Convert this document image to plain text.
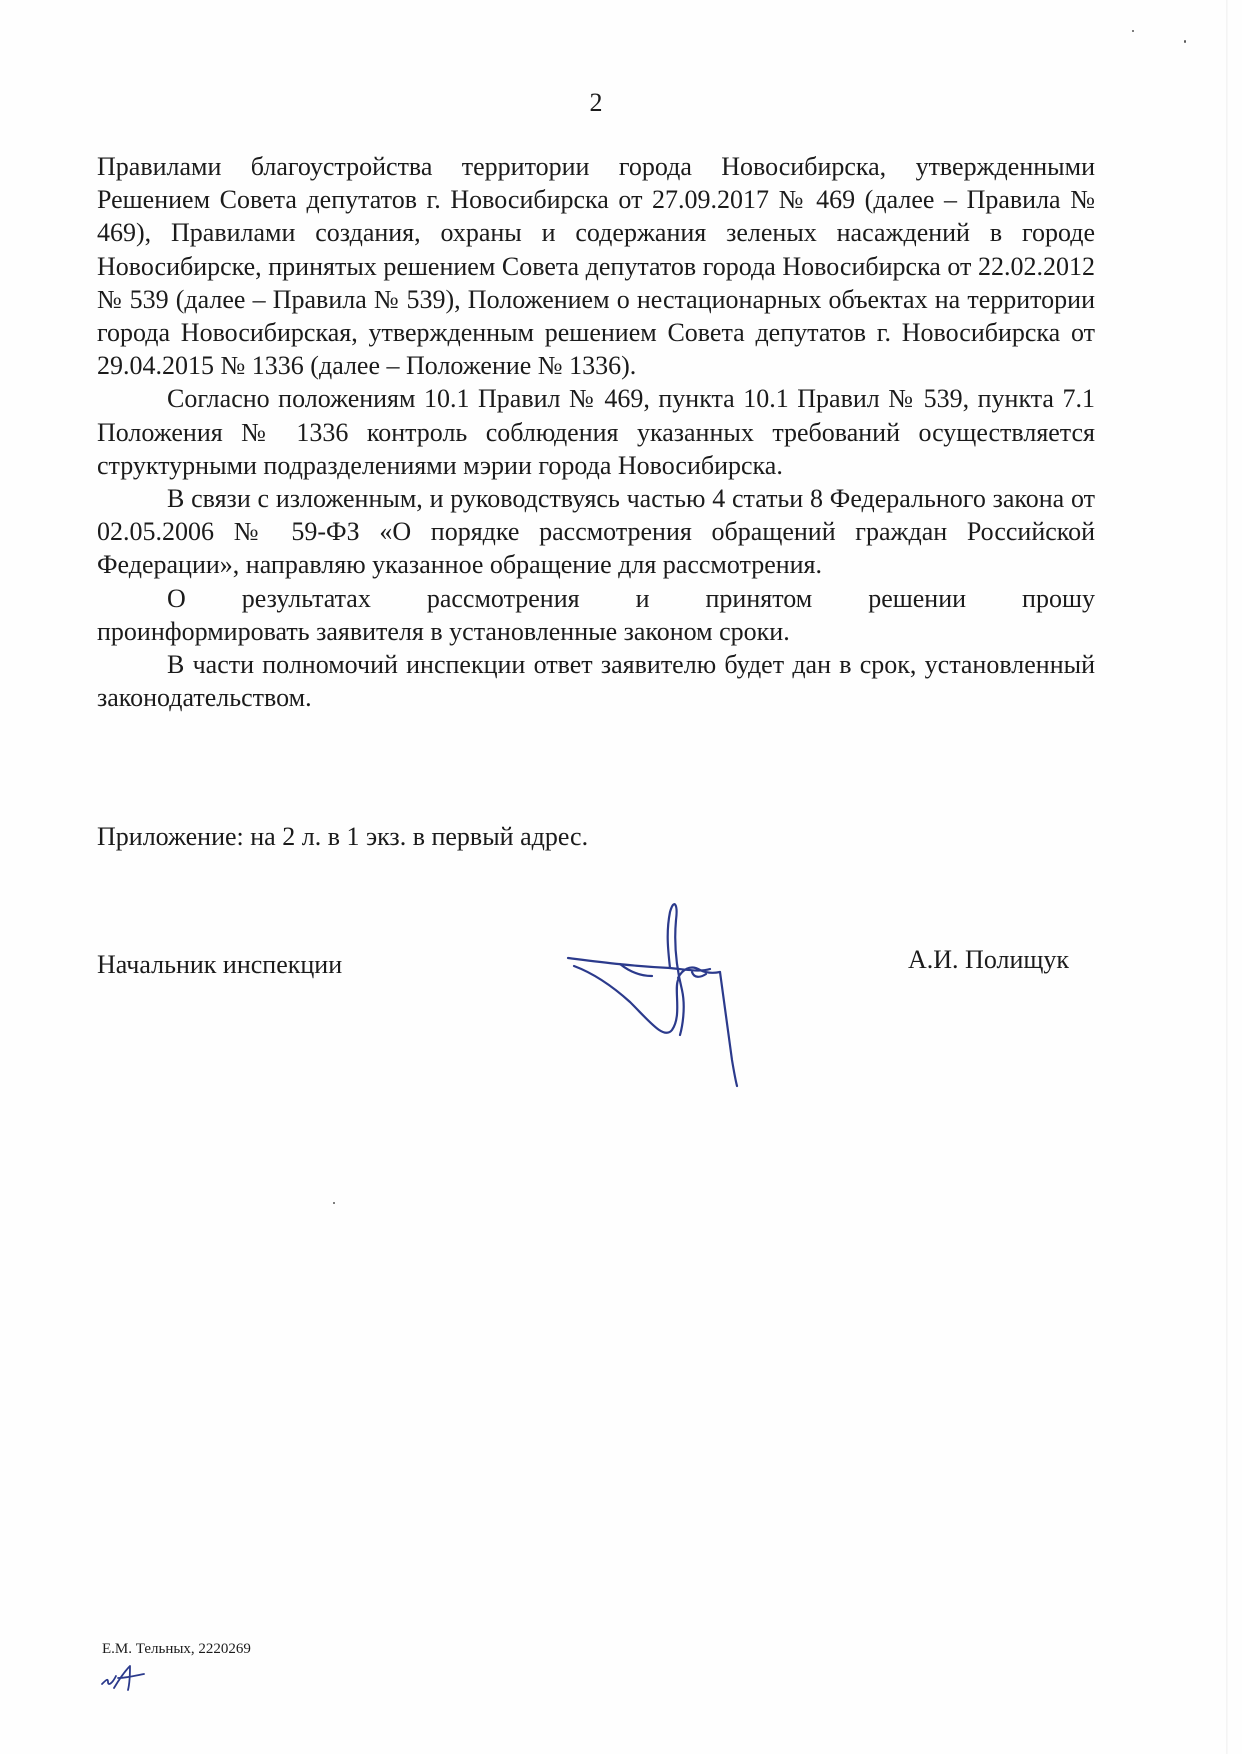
2

Правилами благоустройства территории города Новосибирска, утвержденными Решением Совета депутатов г. Новосибирска от 27.09.2017 № 469 (далее – Правила № 469), Правилами создания, охраны и содержания зеленых насаждений в городе Новосибирске, принятых решением Совета депутатов города Новосибирска от 22.02.2012 № 539 (далее – Правила № 539), Положением о нестационарных объектах на территории города Новосибирская, утвержденным решением Совета депутатов г. Новосибирска от 29.04.2015 № 1336 (далее – Положение № 1336).

Согласно положениям 10.1 Правил № 469, пункта 10.1 Правил № 539, пункта 7.1 Положения № 1336 контроль соблюдения указанных требований осуществляется структурными подразделениями мэрии города Новосибирска.

В связи с изложенным, и руководствуясь частью 4 статьи 8 Федерального закона от 02.05.2006 № 59-ФЗ «О порядке рассмотрения обращений граждан Российской Федерации», направляю указанное обращение для рассмотрения.

О результатах рассмотрения и принятом решении прошу

проинформировать заявителя в установленные законом сроки.

В части полномочий инспекции ответ заявителю будет дан в срок, установленный законодательством.

Приложение: на 2 л. в 1 экз. в первый адрес.
Начальник инспекции	А.И. Полищук
Е.М. Тельных, 2220269
